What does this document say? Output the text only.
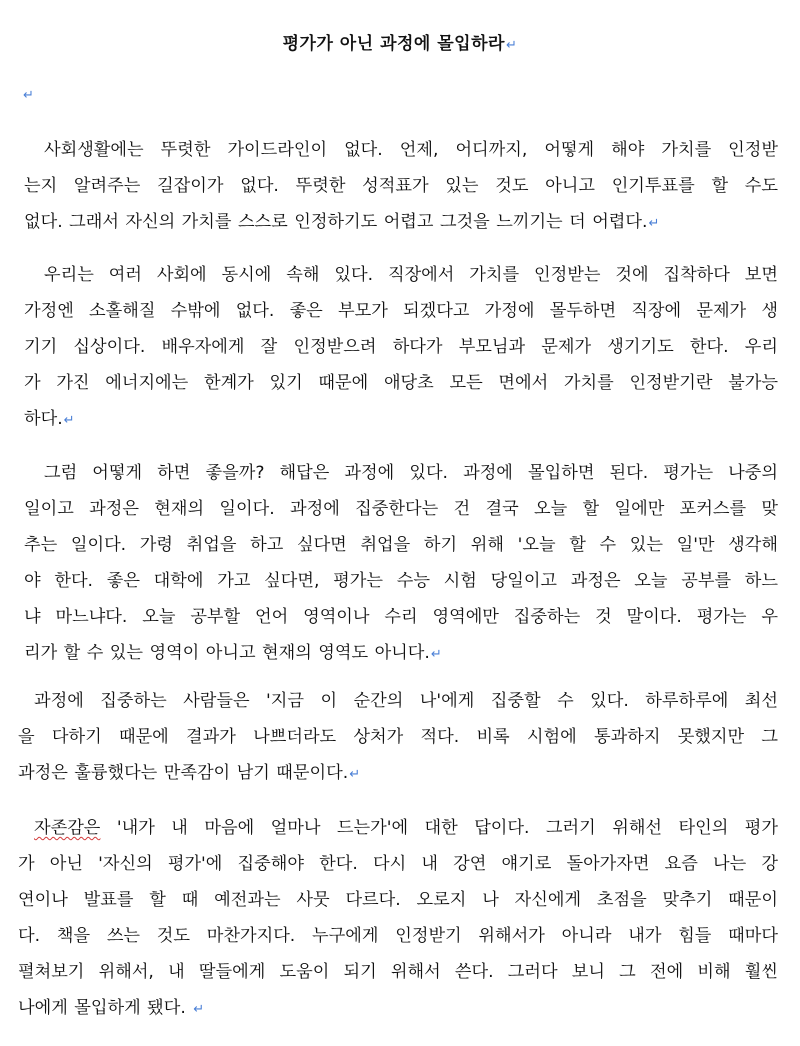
평가가 아닌 과정에 몰입하라↵
↵
사회생활에는 뚜렷한 가이드라인이 없다. 언제, 어디까지, 어떻게 해야 가치를 인정받
는지 알려주는 길잡이가 없다. 뚜렷한 성적표가 있는 것도 아니고 인기투표를 할 수도
없다. 그래서 자신의 가치를 스스로 인정하기도 어렵고 그것을 느끼기는 더 어렵다.↵
우리는 여러 사회에 동시에 속해 있다. 직장에서 가치를 인정받는 것에 집착하다 보면
가정엔 소홀해질 수밖에 없다. 좋은 부모가 되겠다고 가정에 몰두하면 직장에 문제가 생
기기 십상이다. 배우자에게 잘 인정받으려 하다가 부모님과 문제가 생기기도 한다. 우리
가 가진 에너지에는 한계가 있기 때문에 애당초 모든 면에서 가치를 인정받기란 불가능
하다.↵
그럼 어떻게 하면 좋을까? 해답은 과정에 있다. 과정에 몰입하면 된다. 평가는 나중의
일이고 과정은 현재의 일이다. 과정에 집중한다는 건 결국 오늘 할 일에만 포커스를 맞
추는 일이다. 가령 취업을 하고 싶다면 취업을 하기 위해 '오늘 할 수 있는 일'만 생각해
야 한다. 좋은 대학에 가고 싶다면, 평가는 수능 시험 당일이고 과정은 오늘 공부를 하느
냐 마느냐다. 오늘 공부할 언어 영역이나 수리 영역에만 집중하는 것 말이다. 평가는 우
리가 할 수 있는 영역이 아니고 현재의 영역도 아니다.↵
과정에 집중하는 사람들은 '지금 이 순간의 나'에게 집중할 수 있다. 하루하루에 최선
을 다하기 때문에 결과가 나쁘더라도 상처가 적다. 비록 시험에 통과하지 못했지만 그
과정은 훌륭했다는 만족감이 남기 때문이다.↵
자존감은 '내가 내 마음에 얼마나 드는가'에 대한 답이다. 그러기 위해선 타인의 평가
가 아닌 '자신의 평가'에 집중해야 한다. 다시 내 강연 얘기로 돌아가자면 요즘 나는 강
연이나 발표를 할 때 예전과는 사뭇 다르다. 오로지 나 자신에게 초점을 맞추기 때문이
다. 책을 쓰는 것도 마찬가지다. 누구에게 인정받기 위해서가 아니라 내가 힘들 때마다
펼쳐보기 위해서, 내 딸들에게 도움이 되기 위해서 쓴다. 그러다 보니 그 전에 비해 훨씬
나에게 몰입하게 됐다. ↵
